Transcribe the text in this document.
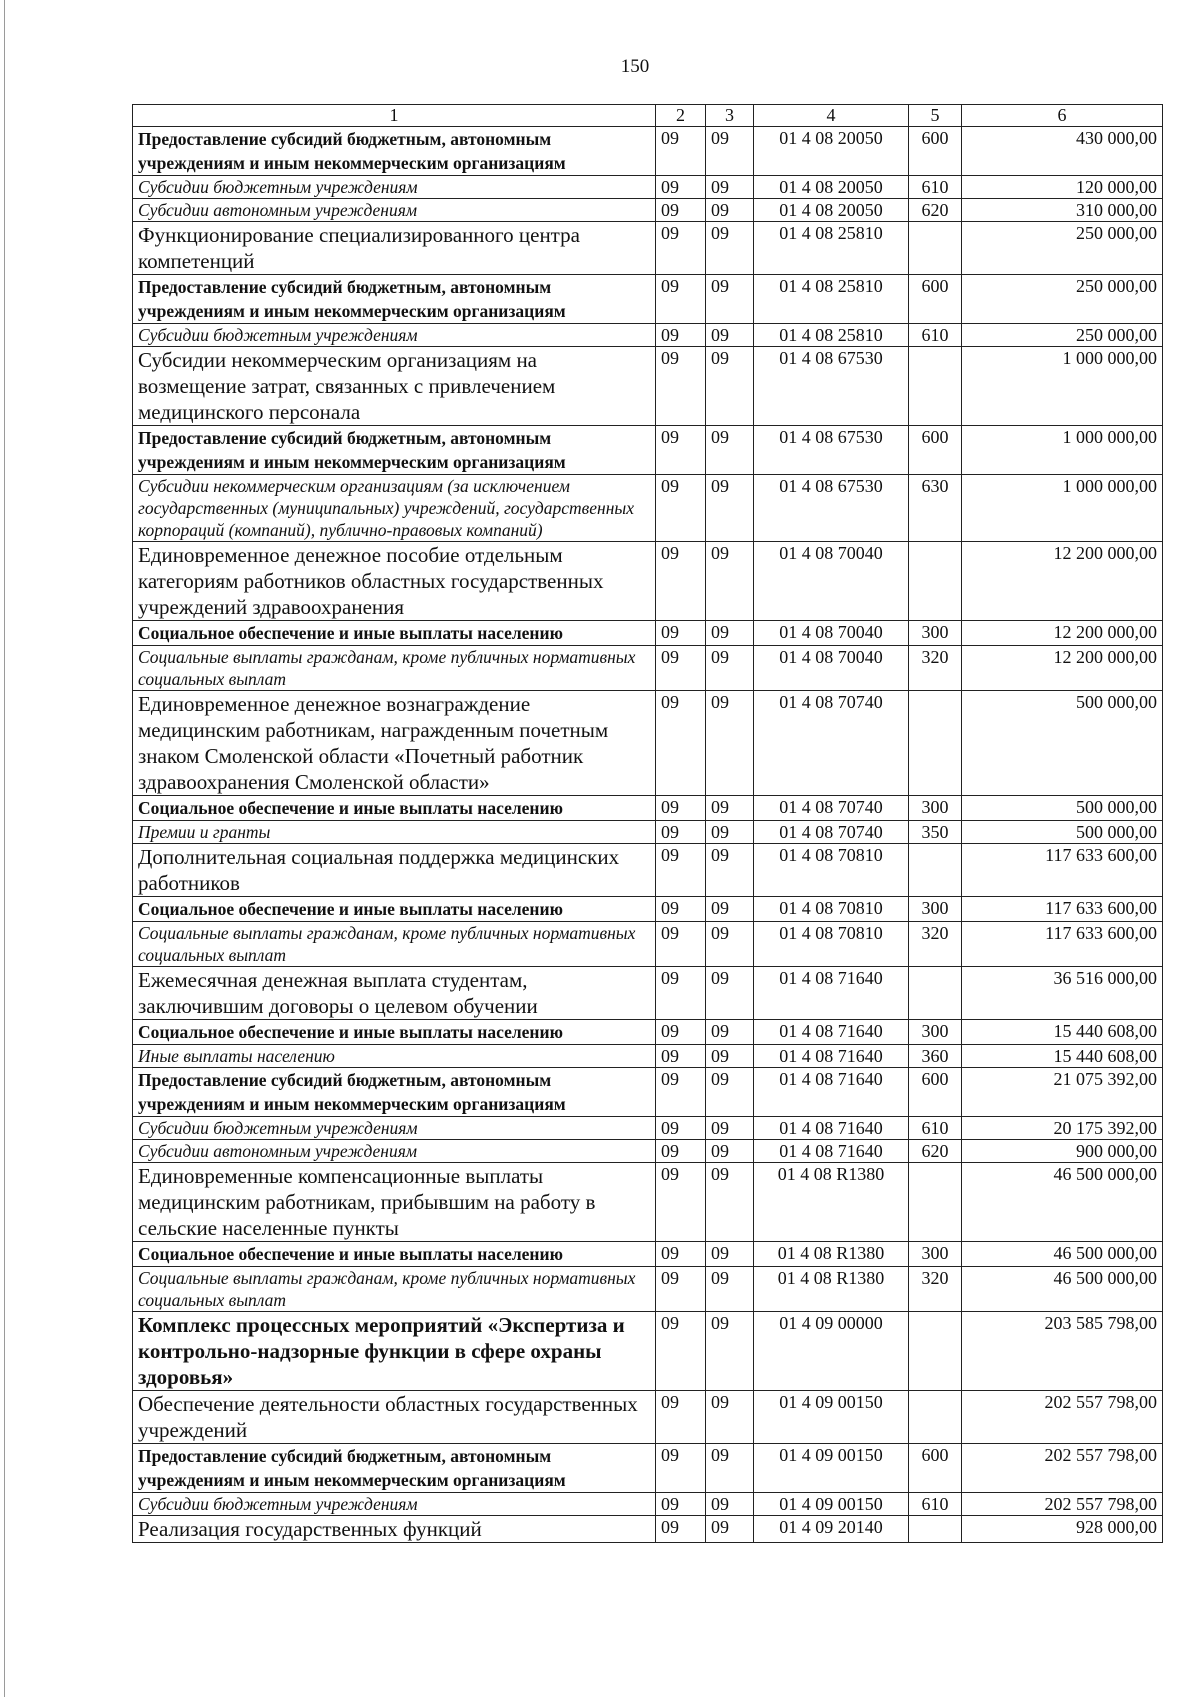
150
1	2	3	4	5	6
Предоставление субсидий бюджетным, автономным учреждениям и иным некоммерческим организациям	09	09	01 4 08 20050	600	430 000,00
Субсидии бюджетным учреждениям	09	09	01 4 08 20050	610	120 000,00
Субсидии автономным учреждениям	09	09	01 4 08 20050	620	310 000,00
Функционирование специализированного центра компетенций	09	09	01 4 08 25810		250 000,00
Предоставление субсидий бюджетным, автономным учреждениям и иным некоммерческим организациям	09	09	01 4 08 25810	600	250 000,00
Субсидии бюджетным учреждениям	09	09	01 4 08 25810	610	250 000,00
Субсидии некоммерческим организациям на возмещение затрат, связанных с привлечением медицинского персонала	09	09	01 4 08 67530		1 000 000,00
Предоставление субсидий бюджетным, автономным учреждениям и иным некоммерческим организациям	09	09	01 4 08 67530	600	1 000 000,00
Субсидии некоммерческим организациям (за исключением государственных (муниципальных) учреждений, государственных корпораций (компаний), публично-правовых компаний)	09	09	01 4 08 67530	630	1 000 000,00
Единовременное денежное пособие отдельным категориям работников областных государственных учреждений здравоохранения	09	09	01 4 08 70040		12 200 000,00
Социальное обеспечение и иные выплаты населению	09	09	01 4 08 70040	300	12 200 000,00
Социальные выплаты гражданам, кроме публичных нормативных социальных выплат	09	09	01 4 08 70040	320	12 200 000,00
Единовременное денежное вознаграждение медицинским работникам, награжденным почетным знаком Смоленской области «Почетный работник здравоохранения Смоленской области»	09	09	01 4 08 70740		500 000,00
Социальное обеспечение и иные выплаты населению	09	09	01 4 08 70740	300	500 000,00
Премии и гранты	09	09	01 4 08 70740	350	500 000,00
Дополнительная социальная поддержка медицинских работников	09	09	01 4 08 70810		117 633 600,00
Социальное обеспечение и иные выплаты населению	09	09	01 4 08 70810	300	117 633 600,00
Социальные выплаты гражданам, кроме публичных нормативных социальных выплат	09	09	01 4 08 70810	320	117 633 600,00
Ежемесячная денежная выплата студентам, заключившим договоры о целевом обучении	09	09	01 4 08 71640		36 516 000,00
Социальное обеспечение и иные выплаты населению	09	09	01 4 08 71640	300	15 440 608,00
Иные выплаты населению	09	09	01 4 08 71640	360	15 440 608,00
Предоставление субсидий бюджетным, автономным учреждениям и иным некоммерческим организациям	09	09	01 4 08 71640	600	21 075 392,00
Субсидии бюджетным учреждениям	09	09	01 4 08 71640	610	20 175 392,00
Субсидии автономным учреждениям	09	09	01 4 08 71640	620	900 000,00
Единовременные компенсационные выплаты медицинским работникам, прибывшим на работу в сельские населенные пункты	09	09	01 4 08 R1380		46 500 000,00
Социальное обеспечение и иные выплаты населению	09	09	01 4 08 R1380	300	46 500 000,00
Социальные выплаты гражданам, кроме публичных нормативных социальных выплат	09	09	01 4 08 R1380	320	46 500 000,00
Комплекс процессных мероприятий «Экспертиза и контрольно-надзорные функции в сфере охраны здоровья»	09	09	01 4 09 00000		203 585 798,00
Обеспечение деятельности областных государственных учреждений	09	09	01 4 09 00150		202 557 798,00
Предоставление субсидий бюджетным, автономным учреждениям и иным некоммерческим организациям	09	09	01 4 09 00150	600	202 557 798,00
Субсидии бюджетным учреждениям	09	09	01 4 09 00150	610	202 557 798,00
Реализация государственных функций	09	09	01 4 09 20140		928 000,00
